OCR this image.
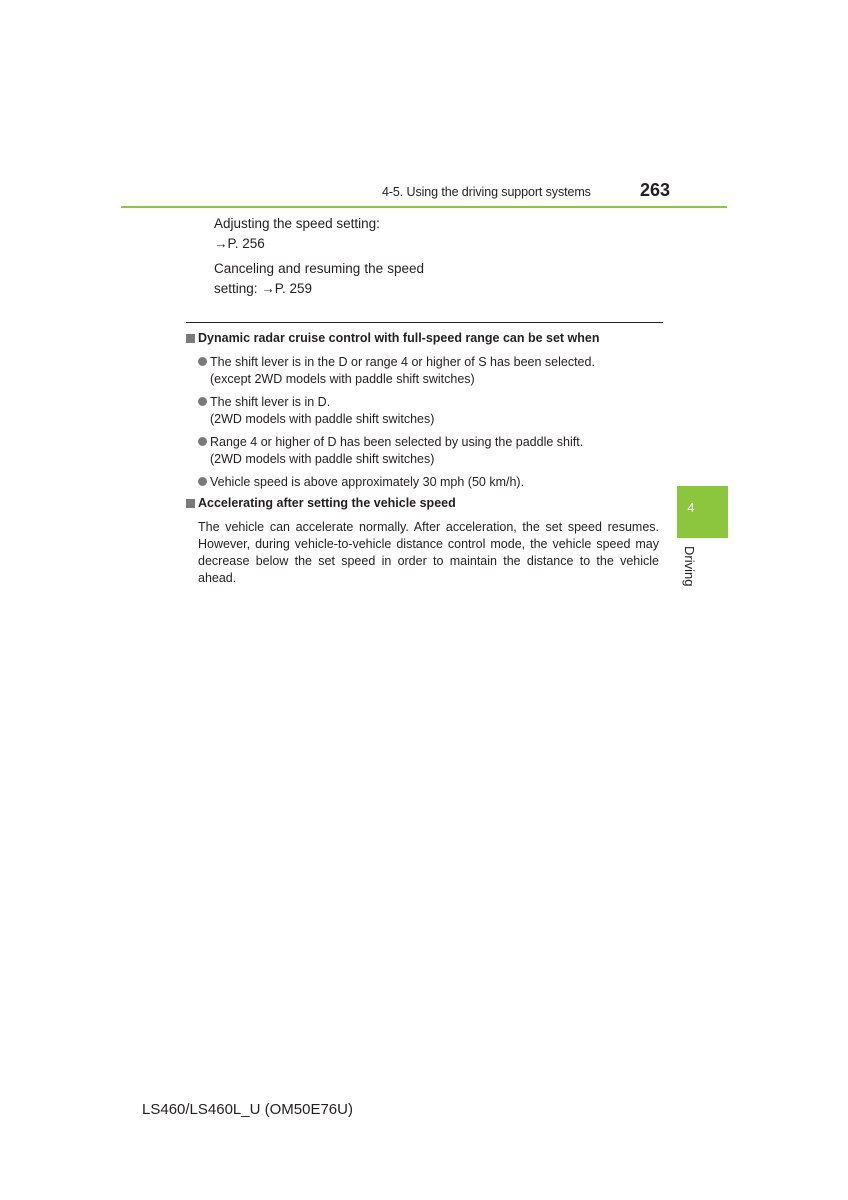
4-5. Using the driving support systems	263
Adjusting the speed setting:
→P. 256
Canceling and resuming the speed
setting: →P. 259
Dynamic radar cruise control with full-speed range can be set when
The shift lever is in the D or range 4 or higher of S has been selected.
(except 2WD models with paddle shift switches)
The shift lever is in D.
(2WD models with paddle shift switches)
Range 4 or higher of D has been selected by using the paddle shift.
(2WD models with paddle shift switches)
Vehicle speed is above approximately 30 mph (50 km/h).
Accelerating after setting the vehicle speed
The vehicle can accelerate normally. After acceleration, the set speed resumes.
However, during vehicle-to-vehicle distance control mode, the vehicle speed may
decrease below the set speed in order to maintain the distance to the vehicle ahead.
4
Driving
LS460/LS460L_U (OM50E76U)
